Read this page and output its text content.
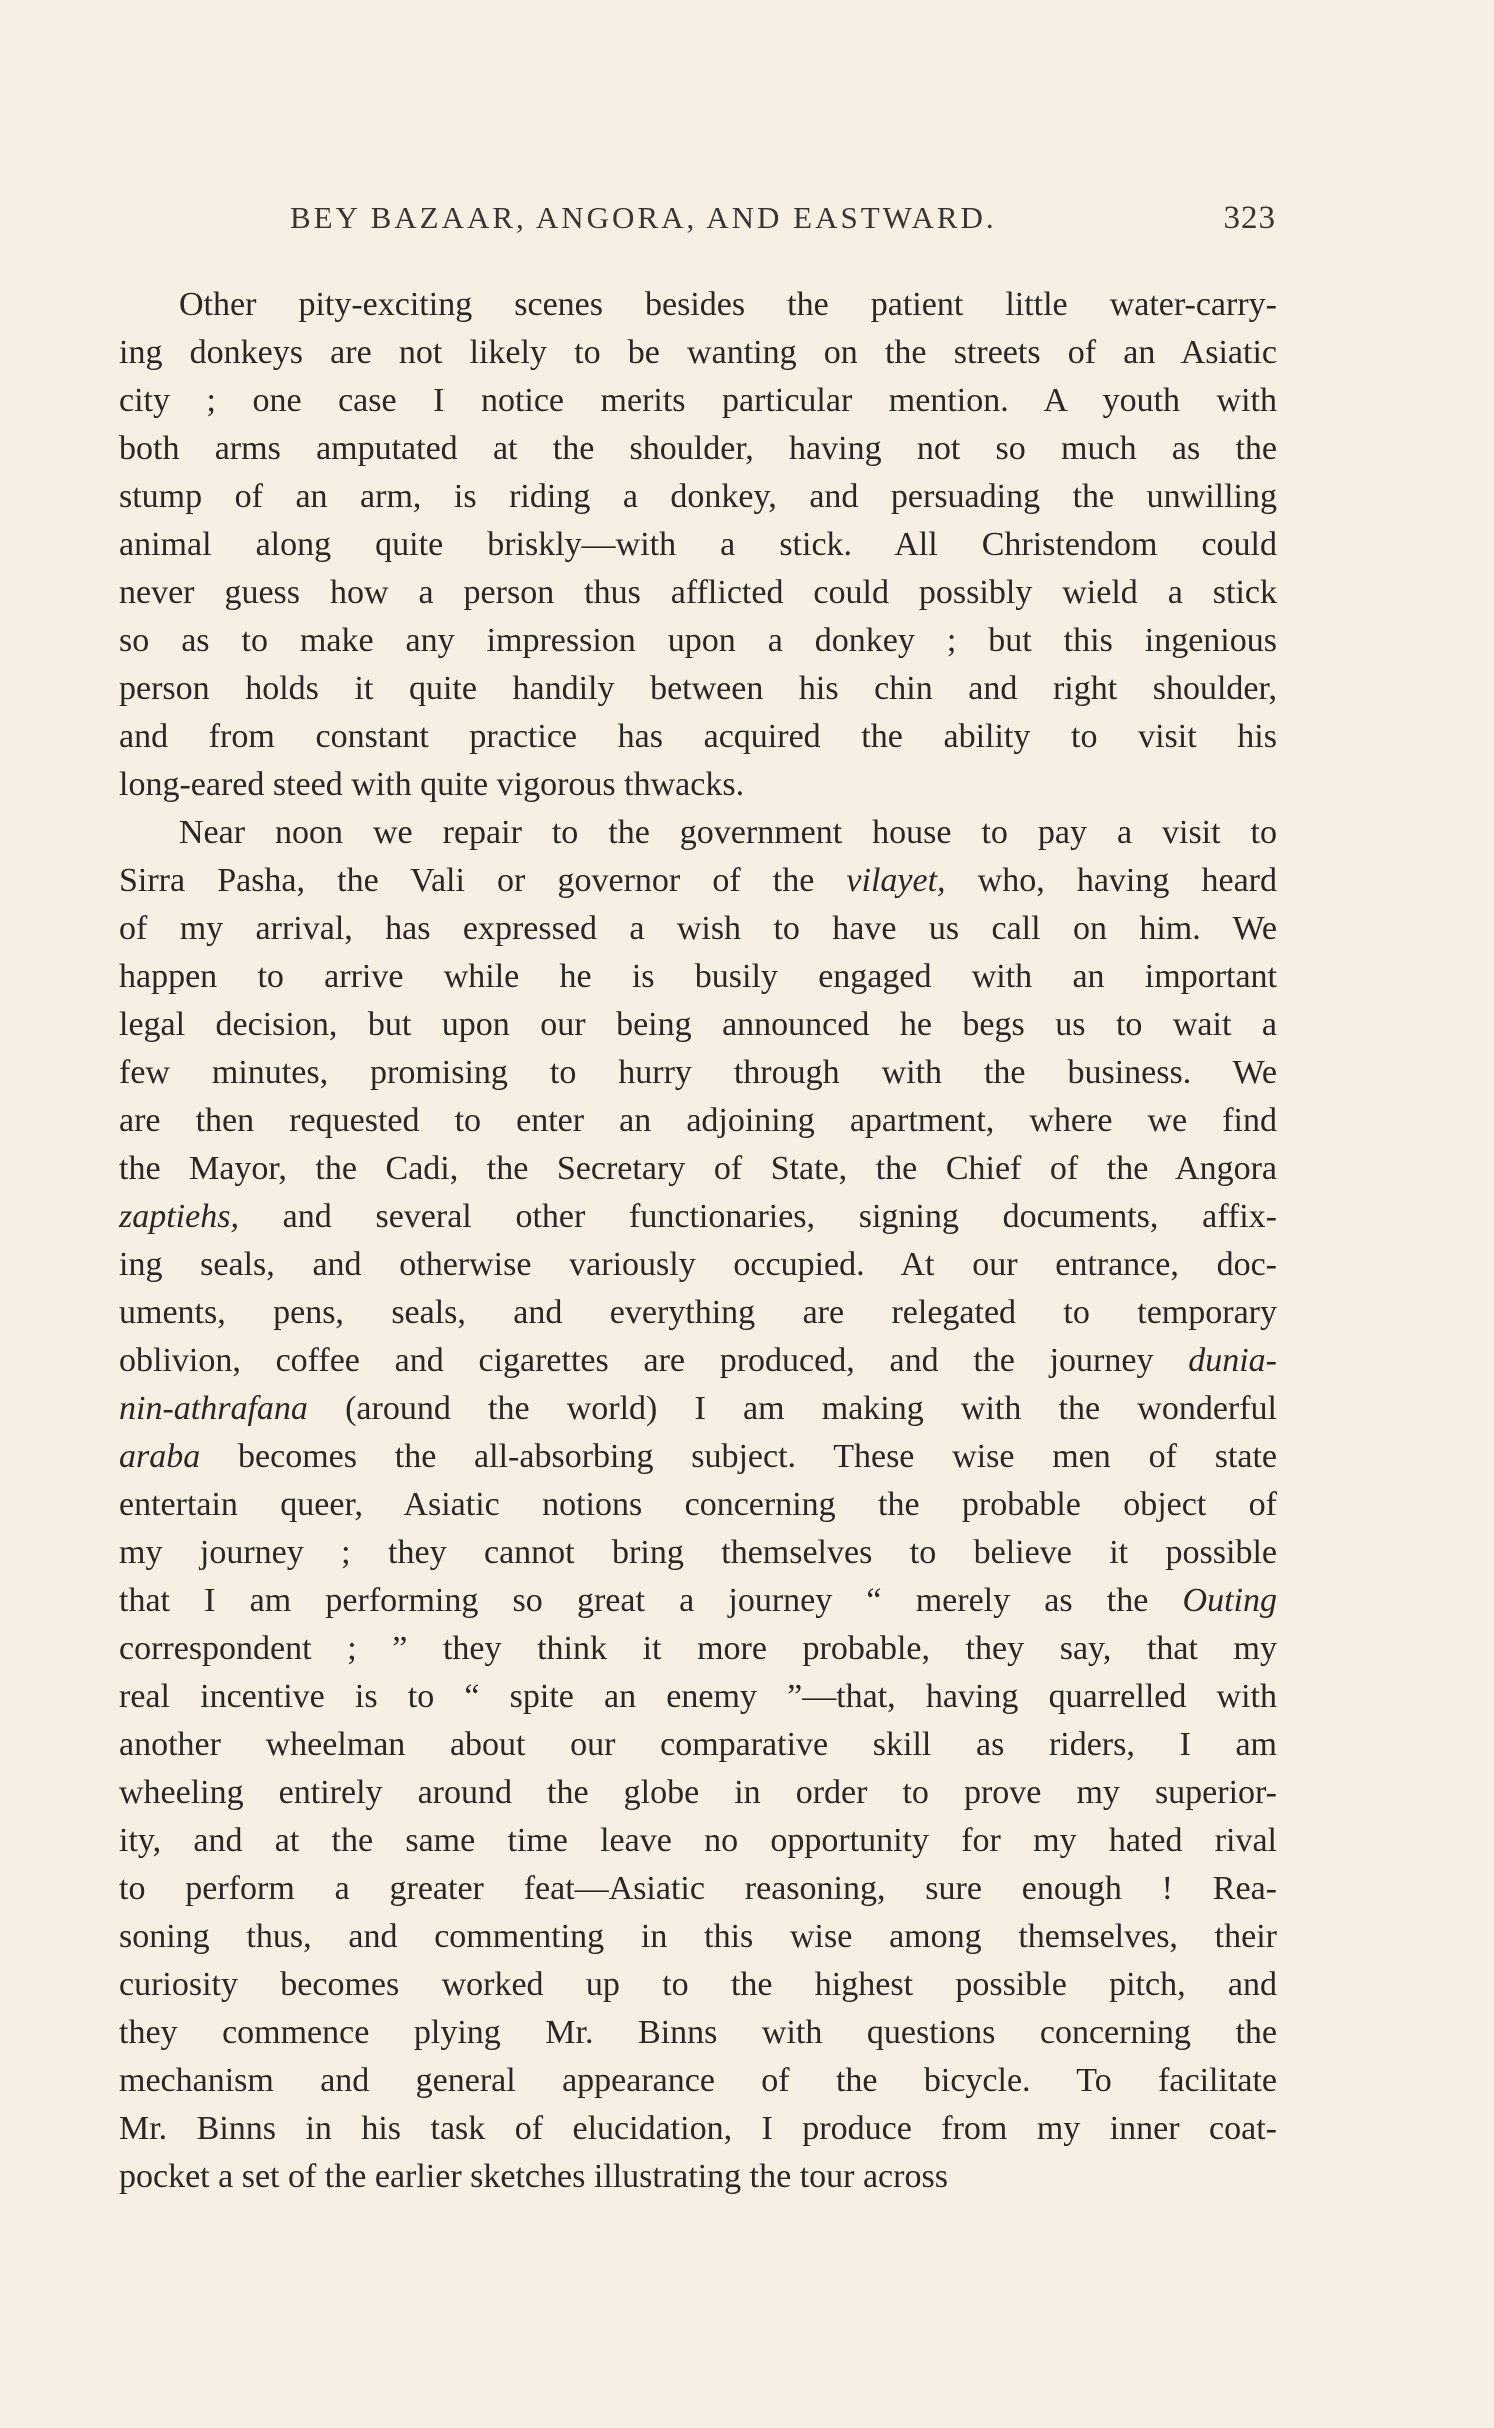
BEY BAZAAR, ANGORA, AND EASTWARD.	323
Other pity-exciting scenes besides the patient little water-carry-
ing donkeys are not likely to be wanting on the streets of an Asiatic
city ; one case I notice merits particular mention. A youth with
both arms amputated at the shoulder, having not so much as the
stump of an arm, is riding a donkey, and persuading the unwilling
animal along quite briskly—with a stick. All Christendom could
never guess how a person thus afflicted could possibly wield a stick
so as to make any impression upon a donkey ; but this ingenious
person holds it quite handily between his chin and right shoulder,
and from constant practice has acquired the ability to visit his
long-eared steed with quite vigorous thwacks.
Near noon we repair to the government house to pay a visit to
Sirra Pasha, the Vali or governor of the vilayet, who, having heard
of my arrival, has expressed a wish to have us call on him. We
happen to arrive while he is busily engaged with an important
legal decision, but upon our being announced he begs us to wait a
few minutes, promising to hurry through with the business. We
are then requested to enter an adjoining apartment, where we find
the Mayor, the Cadi, the Secretary of State, the Chief of the Angora
zaptiehs, and several other functionaries, signing documents, affix-
ing seals, and otherwise variously occupied. At our entrance, doc-
uments, pens, seals, and everything are relegated to temporary
oblivion, coffee and cigarettes are produced, and the journey dunia-
nin-athrafana (around the world) I am making with the wonderful
araba becomes the all-absorbing subject. These wise men of state
entertain queer, Asiatic notions concerning the probable object of
my journey ; they cannot bring themselves to believe it possible
that I am performing so great a journey “ merely as the Outing
correspondent ; ” they think it more probable, they say, that my
real incentive is to “ spite an enemy ”—that, having quarrelled with
another wheelman about our comparative skill as riders, I am
wheeling entirely around the globe in order to prove my superior-
ity, and at the same time leave no opportunity for my hated rival
to perform a greater feat—Asiatic reasoning, sure enough ! Rea-
soning thus, and commenting in this wise among themselves, their
curiosity becomes worked up to the highest possible pitch, and
they commence plying Mr. Binns with questions concerning the
mechanism and general appearance of the bicycle. To facilitate
Mr. Binns in his task of elucidation, I produce from my inner coat-
pocket a set of the earlier sketches illustrating the tour across
